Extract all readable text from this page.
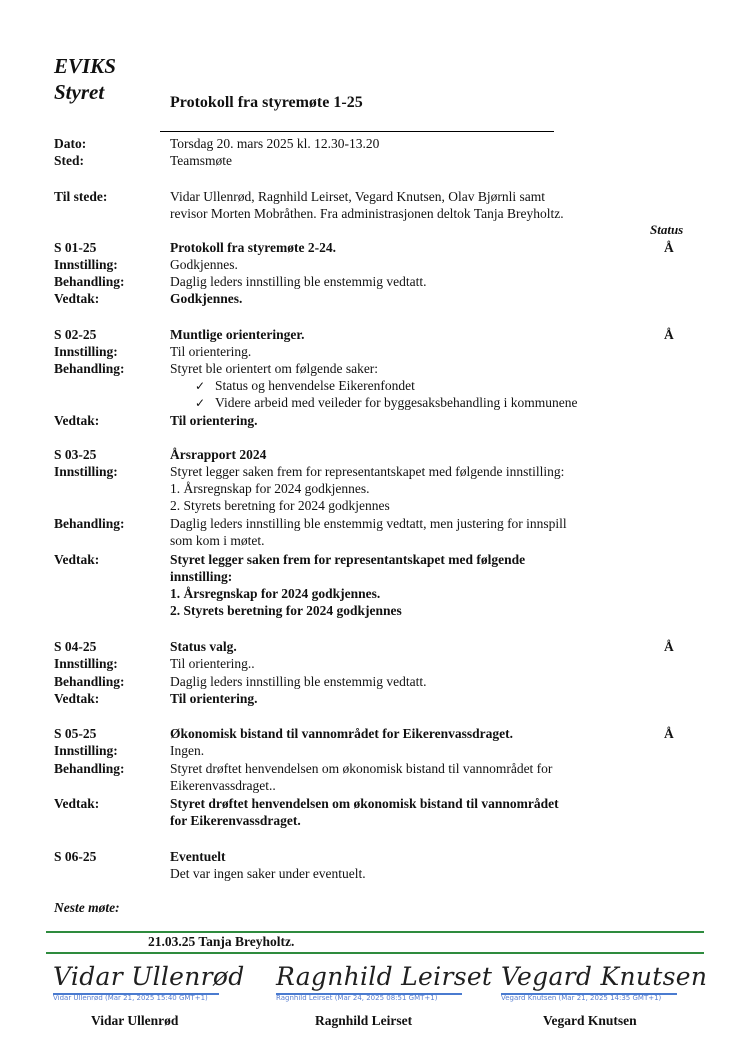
EVIKS
Styret	Protokoll fra styremøte 1-25
Dato:	Torsdag 20. mars 2025 kl. 12.30-13.20
Sted:	Teamsmøte
Til stede:	Vidar Ullenrød, Ragnhild Leirset, Vegard Knutsen, Olav Bjørnli samt
revisor Morten Mobråthen. Fra administrasjonen deltok Tanja Breyholtz.
Status
S 01-25	Protokoll fra styremøte 2-24.	Å
Innstilling:	Godkjennes.
Behandling:	Daglig leders innstilling ble enstemmig vedtatt.
Vedtak:	Godkjennes.
S 02-25	Muntlige orienteringer.	Å
Innstilling:	Til orientering.
Behandling:	Styret ble orientert om følgende saker:
✓ Status og henvendelse Eikerenfondet
✓ Videre arbeid med veileder for byggesaksbehandling i kommunene
Vedtak:	Til orientering.
S 03-25	Årsrapport 2024
Innstilling:	Styret legger saken frem for representantskapet med følgende innstilling:
1. Årsregnskap for 2024 godkjennes.
2. Styrets beretning for 2024 godkjennes
Behandling:	Daglig leders innstilling ble enstemmig vedtatt, men justering for innspill
som kom i møtet.
Vedtak:	Styret legger saken frem for representantskapet med følgende
innstilling:
1. Årsregnskap for 2024 godkjennes.
2. Styrets beretning for 2024 godkjennes
S 04-25	Status valg.	Å
Innstilling:	Til orientering..
Behandling:	Daglig leders innstilling ble enstemmig vedtatt.
Vedtak:	Til orientering.
S 05-25	Økonomisk bistand til vannområdet for Eikerenvassdraget.	Å
Innstilling:	Ingen.
Behandling:	Styret drøftet henvendelsen om økonomisk bistand til vannområdet for
Eikerenvassdraget..
Vedtak:	Styret drøftet henvendelsen om økonomisk bistand til vannområdet
for Eikerenvassdraget.
S 06-25	Eventuelt
Det var ingen saker under eventuelt.
Neste møte:
21.03.25 Tanja Breyholtz.
Vidar Ullenrød
Vidar Ullenrød (Mar 21, 2025 15:40 GMT+1)
Ragnhild Leirset
Ragnhild Leirset (Mar 24, 2025 08:51 GMT+1)
Vegard Knutsen
Vegard Knutsen (Mar 21, 2025 14:35 GMT+1)
Vidar Ullenrød	Ragnhild Leirset	Vegard Knutsen
